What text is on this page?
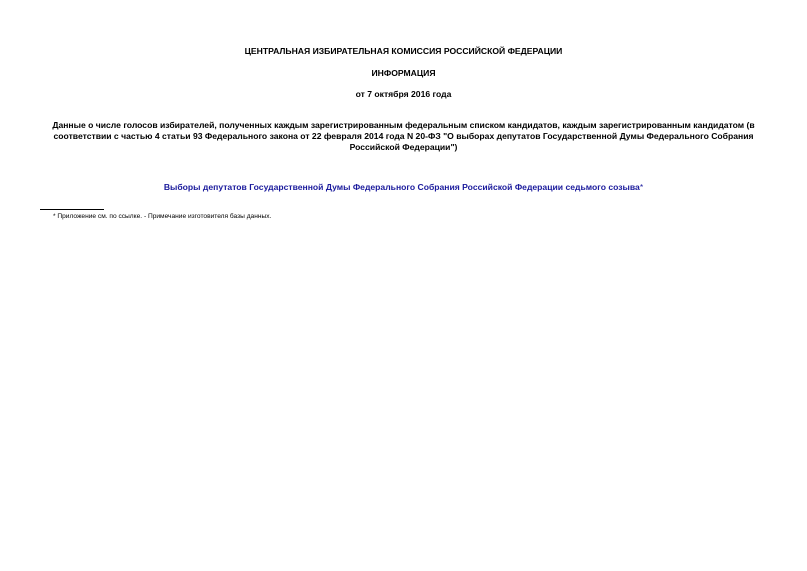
ЦЕНТРАЛЬНАЯ ИЗБИРАТЕЛЬНАЯ КОМИССИЯ РОССИЙСКОЙ ФЕДЕРАЦИИ

ИНФОРМАЦИЯ

от 7 октября 2016 года

Данные о числе голосов избирателей, полученных каждым зарегистрированным федеральным списком кандидатов, каждым зарегистрированным кандидатом (в соответствии с частью 4 статьи 93 Федерального закона от 22 февраля 2014 года N 20-ФЗ "О выборах депутатов Государственной Думы Федерального Собрания Российской Федерации")

Выборы депутатов Государственной Думы Федерального Собрания Российской Федерации седьмого созыва*

* Приложение см. по ссылке. - Примечание изготовителя базы данных.
